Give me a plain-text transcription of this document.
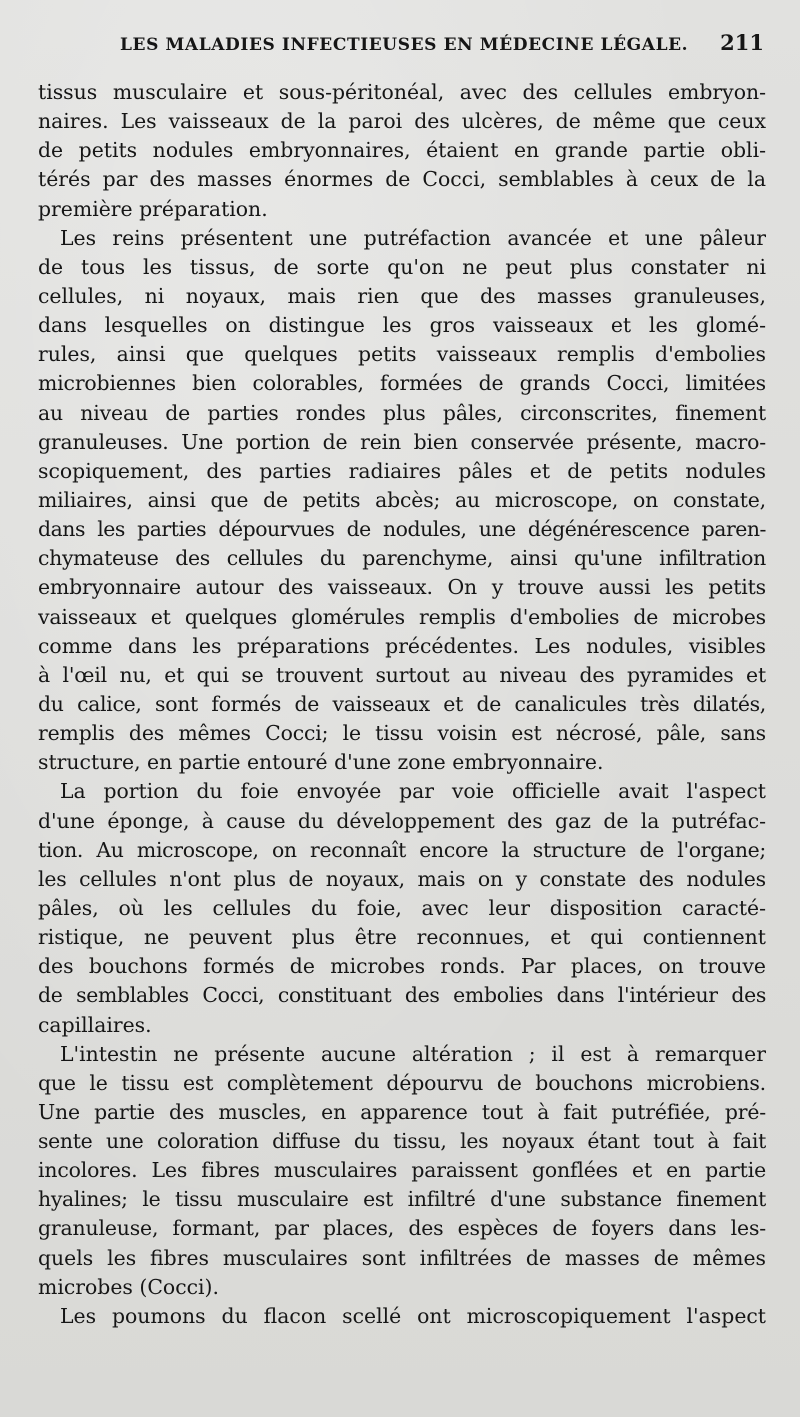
LES MALADIES INFECTIEUSES EN MÉDECINE LÉGALE. 211
tissus musculaire et sous-péritonéal, avec des cellules embryon-
naires. Les vaisseaux de la paroi des ulcères, de même que ceux
de petits nodules embryonnaires, étaient en grande partie obli-
térés par des masses énormes de Cocci, semblables à ceux de la
première préparation.
Les reins présentent une putréfaction avancée et une pâleur
de tous les tissus, de sorte qu'on ne peut plus constater ni
cellules, ni noyaux, mais rien que des masses granuleuses,
dans lesquelles on distingue les gros vaisseaux et les glomé-
rules, ainsi que quelques petits vaisseaux remplis d'embolies
microbiennes bien colorables, formées de grands Cocci, limitées
au niveau de parties rondes plus pâles, circonscrites, finement
granuleuses. Une portion de rein bien conservée présente, macro-
scopiquement, des parties radiaires pâles et de petits nodules
miliaires, ainsi que de petits abcès; au microscope, on constate,
dans les parties dépourvues de nodules, une dégénérescence paren-
chymateuse des cellules du parenchyme, ainsi qu'une infiltration
embryonnaire autour des vaisseaux. On y trouve aussi les petits
vaisseaux et quelques glomérules remplis d'embolies de microbes
comme dans les préparations précédentes. Les nodules, visibles
à l'œil nu, et qui se trouvent surtout au niveau des pyramides et
du calice, sont formés de vaisseaux et de canalicules très dilatés,
remplis des mêmes Cocci; le tissu voisin est nécrosé, pâle, sans
structure, en partie entouré d'une zone embryonnaire.
La portion du foie envoyée par voie officielle avait l'aspect
d'une éponge, à cause du développement des gaz de la putréfac-
tion. Au microscope, on reconnaît encore la structure de l'organe;
les cellules n'ont plus de noyaux, mais on y constate des nodules
pâles, où les cellules du foie, avec leur disposition caracté-
ristique, ne peuvent plus être reconnues, et qui contiennent
des bouchons formés de microbes ronds. Par places, on trouve
de semblables Cocci, constituant des embolies dans l'intérieur des
capillaires.
L'intestin ne présente aucune altération ; il est à remarquer
que le tissu est complètement dépourvu de bouchons microbiens.
Une partie des muscles, en apparence tout à fait putréfiée, pré-
sente une coloration diffuse du tissu, les noyaux étant tout à fait
incolores. Les fibres musculaires paraissent gonflées et en partie
hyalines; le tissu musculaire est infiltré d'une substance finement
granuleuse, formant, par places, des espèces de foyers dans les-
quels les fibres musculaires sont infiltrées de masses de mêmes
microbes (Cocci).
Les poumons du flacon scellé ont microscopiquement l'aspect
